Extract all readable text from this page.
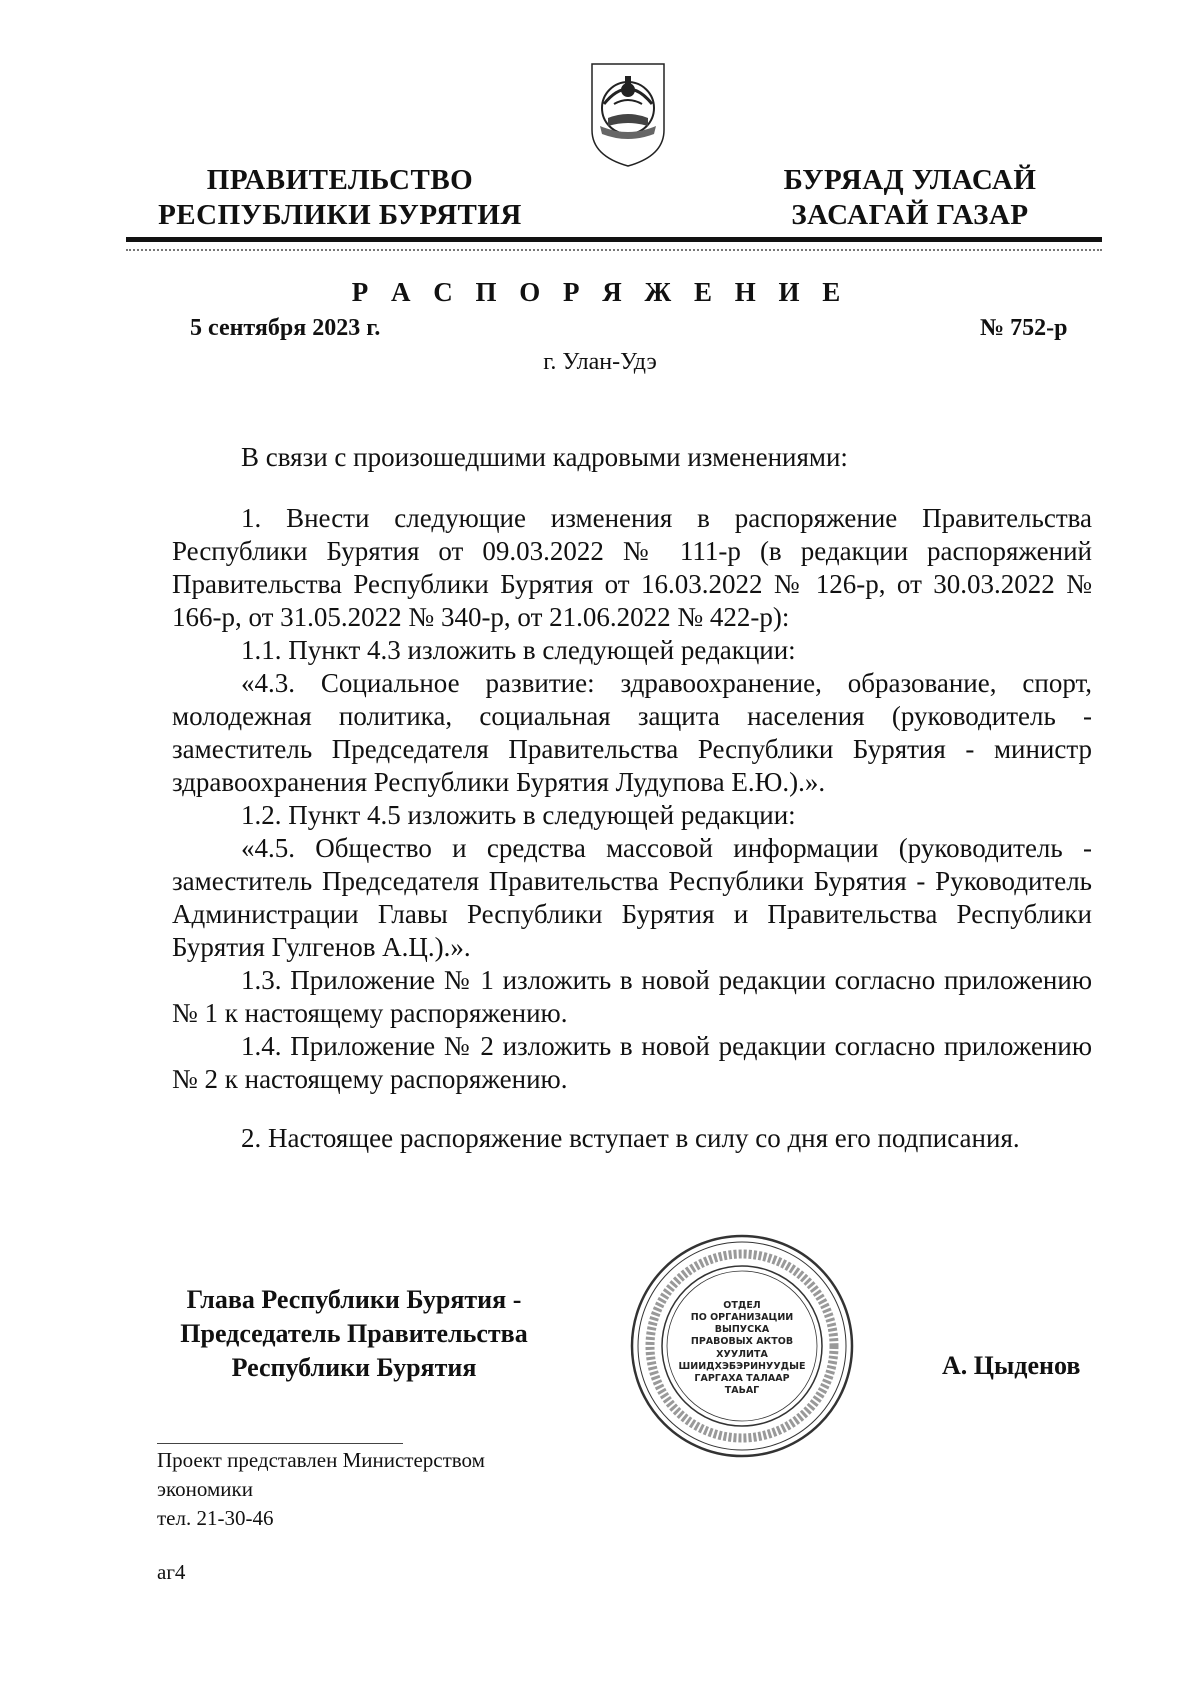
ПРАВИТЕЛЬСТВО
РЕСПУБЛИКИ БУРЯТИЯ
БУРЯАД УЛАСАЙ
ЗАСАГАЙ ГАЗАР
Р А С П О Р Я Ж Е Н И Е
5 сентября 2023 г.	№ 752-р
г. Улан-Удэ

В связи с произошедшими кадровыми изменениями:

1. Внести следующие изменения в распоряжение Правительства Республики Бурятия от 09.03.2022 № 111-р (в редакции распоряжений Правительства Республики Бурятия от 16.03.2022 № 126-р, от 30.03.2022 № 166-р, от 31.05.2022 № 340-р, от 21.06.2022 № 422-р):

1.1. Пункт 4.3 изложить в следующей редакции:

«4.3. Социальное развитие: здравоохранение, образование, спорт, молодежная политика, социальная защита населения (руководитель - заместитель Председателя Правительства Республики Бурятия - министр здравоохранения Республики Бурятия Лудупова Е.Ю.).».

1.2. Пункт 4.5 изложить в следующей редакции:

«4.5. Общество и средства массовой информации (руководитель - заместитель Председателя Правительства Республики Бурятия - Руководитель Администрации Главы Республики Бурятия и Правительства Республики Бурятия Гулгенов А.Ц.).».

1.3. Приложение № 1 изложить в новой редакции согласно приложению № 1 к настоящему распоряжению.

1.4. Приложение № 2 изложить в новой редакции согласно приложению № 2 к настоящему распоряжению.

2. Настоящее распоряжение вступает в силу со дня его подписания.

Глава Республики Бурятия -
Председатель Правительства
Республики Бурятия
ОТДЕЛ
ПО ОРГАНИЗАЦИИ
ВЫПУСКА
ПРАВОВЫХ АКТОВ
ХУУЛИТА
ШИИДХЭБЭРИНУУДЫЕ
ГАРГАХА ТАЛААР
ТАЬАГ
А. Цыденов
Проект представлен Министерством
экономики
тел. 21-30-46
аг4
